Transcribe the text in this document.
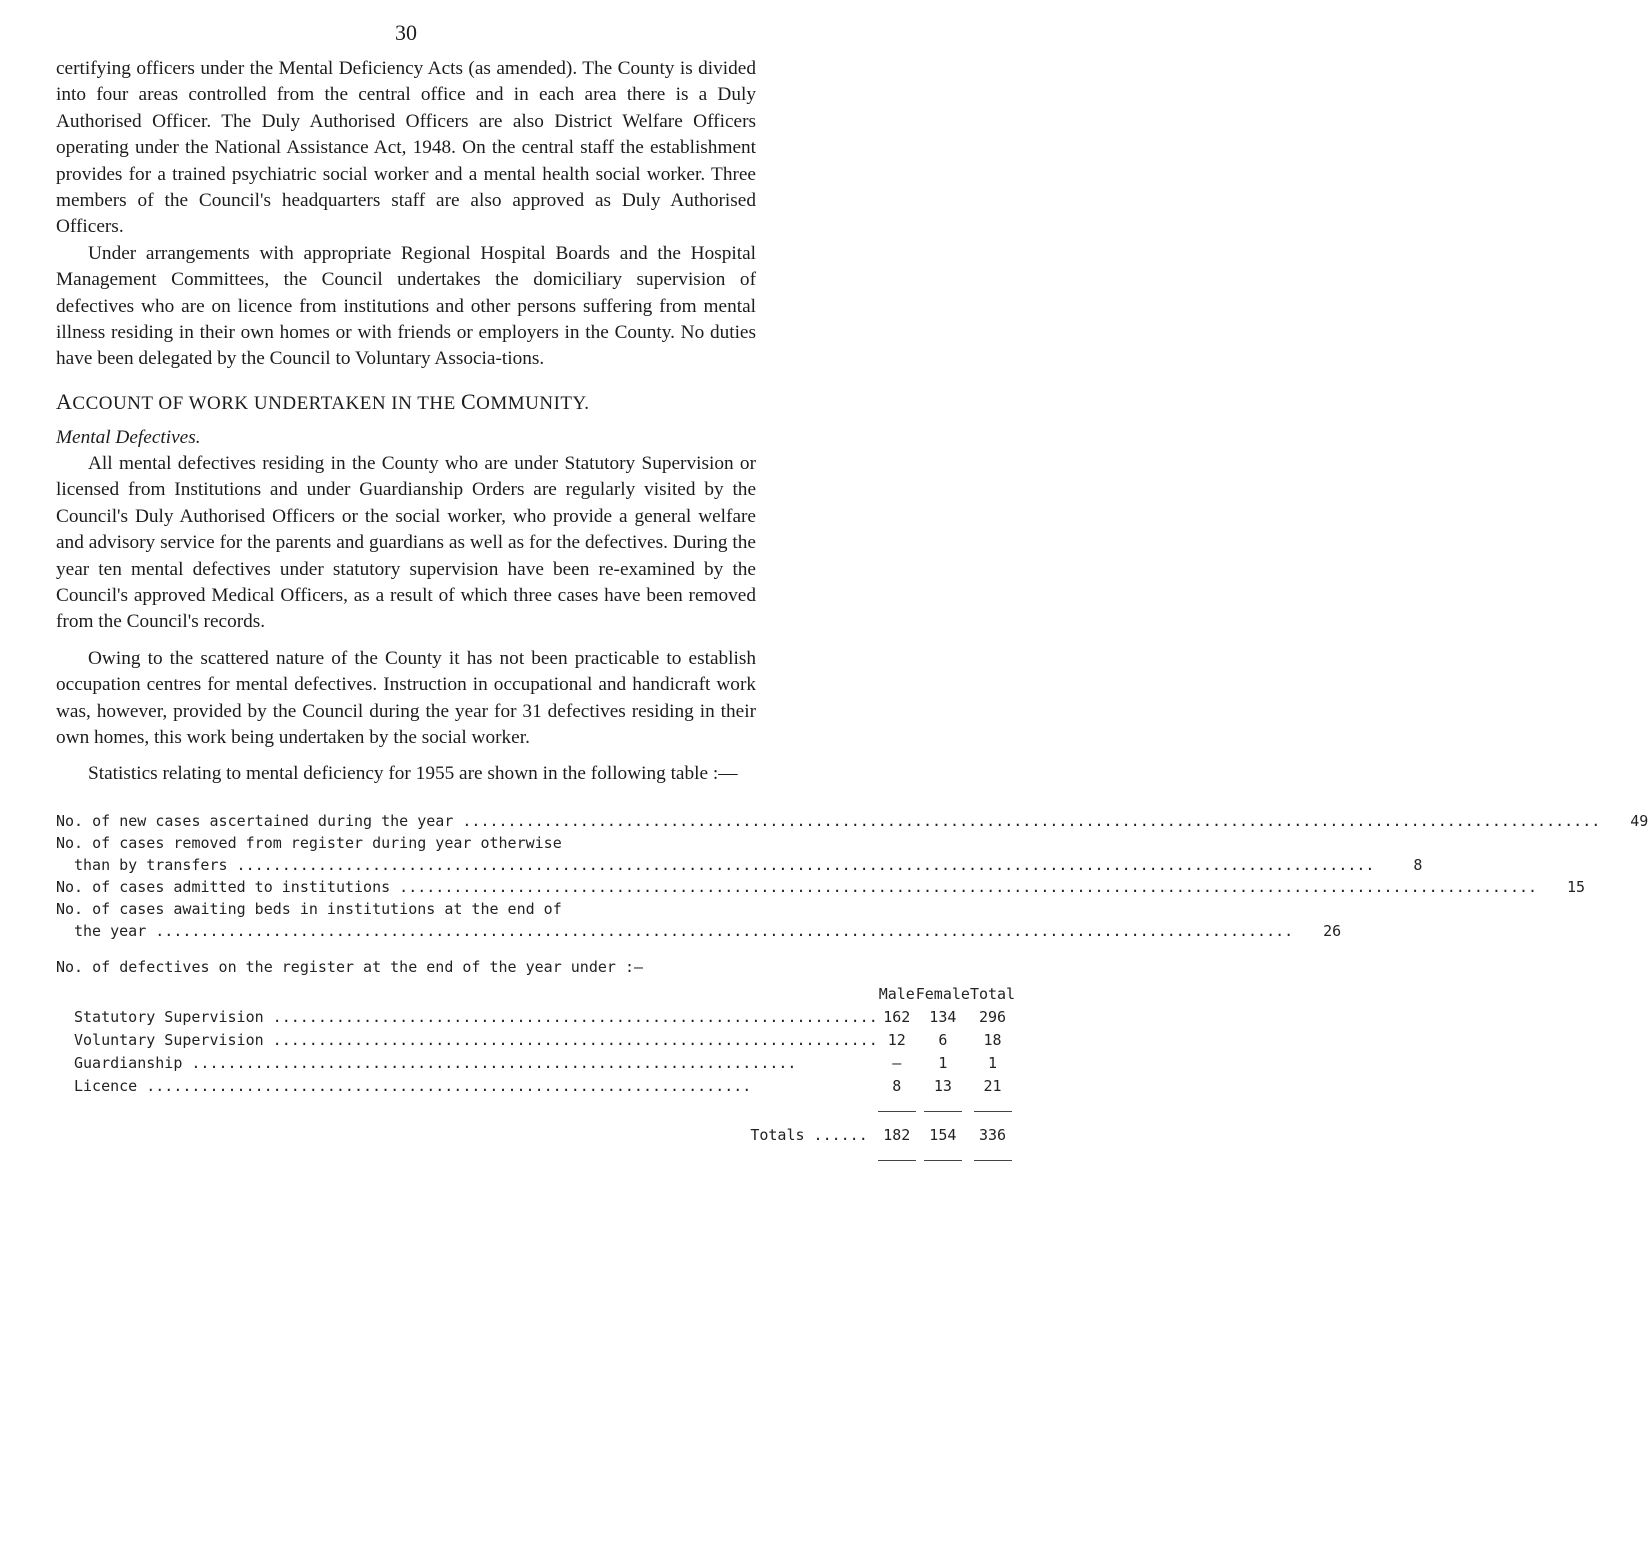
30

certifying officers under the Mental Deficiency Acts (as amended). The County is divided into four areas controlled from the central office and in each area there is a Duly Authorised Officer. The Duly Authorised Officers are also District Welfare Officers operating under the National Assistance Act, 1948. On the central staff the establishment provides for a trained psychiatric social worker and a mental health social worker. Three members of the Council's headquarters staff are also approved as Duly Authorised Officers.

Under arrangements with appropriate Regional Hospital Boards and the Hospital Management Committees, the Council undertakes the domiciliary supervision of defectives who are on licence from institutions and other persons suffering from mental illness residing in their own homes or with friends or employers in the County. No duties have been delegated by the Council to Voluntary Associa-tions.

ACCOUNT OF WORK UNDERTAKEN IN THE COMMUNITY.
Mental Defectives.

All mental defectives residing in the County who are under Statutory Supervision or licensed from Institutions and under Guardianship Orders are regularly visited by the Council's Duly Authorised Officers or the social worker, who provide a general welfare and advisory service for the parents and guardians as well as for the defectives. During the year ten mental defectives under statutory supervision have been re-examined by the Council's approved Medical Officers, as a result of which three cases have been removed from the Council's records.

Owing to the scattered nature of the County it has not been practicable to establish occupation centres for mental defectives. Instruction in occupational and handicraft work was, however, provided by the Council during the year for 31 defectives residing in their own homes, this work being undertaken by the social worker.

Statistics relating to mental deficiency for 1955 are shown in the following table :—

No. of new cases ascertained during the year .....	49
No. of cases removed from register during year otherwise
than by transfers .....	8
No. of cases admitted to institutions .....	15
No. of cases awaiting beds in institutions at the end of
the year .....	26
No. of defectives on the register at the end of the year under :—
	Male	Female	Total
Statutory Supervision .....	162	134	296
Voluntary Supervision .....	12	6	18
Guardianship .....	—	1	1
Licence .....	8	13	21

Totals ......	182	154	336
